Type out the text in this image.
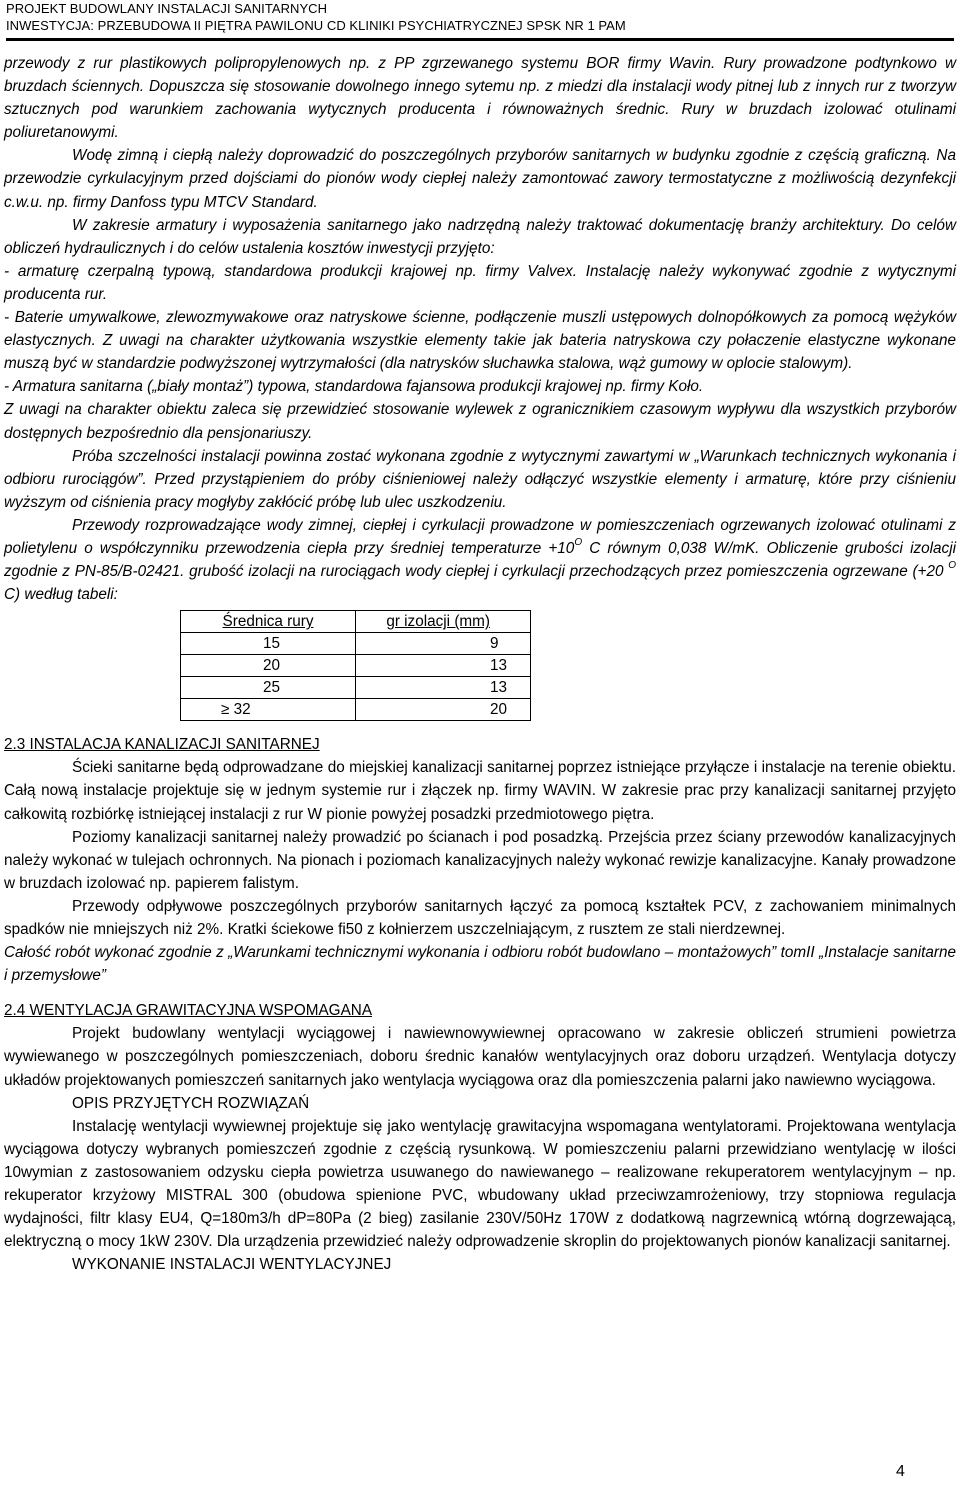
PROJEKT BUDOWLANY INSTALACJI SANITARNYCH
INWESTYCJA: PRZEBUDOWA II PIĘTRA PAWILONU CD KLINIKI PSYCHIATRYCZNEJ SPSK NR 1 PAM

przewody z rur plastikowych polipropylenowych np. z PP zgrzewanego systemu BOR firmy Wavin. Rury prowadzone podtynkowo w bruzdach ściennych. Dopuszcza się stosowanie dowolnego innego sytemu np. z miedzi dla instalacji wody pitnej lub z innych rur z tworzyw sztucznych pod warunkiem zachowania wytycznych producenta i równoważnych średnic. Rury w bruzdach izolować otulinami poliuretanowymi.

Wodę zimną i ciepłą należy doprowadzić do poszczególnych przyborów sanitarnych w budynku zgodnie z częścią graficzną. Na przewodzie cyrkulacyjnym przed dojściami do pionów wody ciepłej należy zamontować zawory termostatyczne z możliwością dezynfekcji c.w.u. np. firmy Danfoss typu MTCV Standard.

W zakresie armatury i wyposażenia sanitarnego jako nadrzędną należy traktować dokumentację branży architektury. Do celów obliczeń hydraulicznych i do celów ustalenia kosztów inwestycji przyjęto:

- armaturę czerpalną typową, standardowa produkcji krajowej np. firmy Valvex. Instalację należy wykonywać zgodnie z wytycznymi producenta rur.

- Baterie umywalkowe, zlewozmywakowe oraz natryskowe ścienne, podłączenie muszli ustępowych dolnopółkowych za pomocą wężyków elastycznych. Z uwagi na charakter użytkowania wszystkie elementy takie jak bateria natryskowa czy połaczenie elastyczne wykonane muszą być w standardzie podwyższonej wytrzymałości (dla natrysków słuchawka stalowa, wąż gumowy w oplocie stalowym).

- Armatura sanitarna („biały montaż”) typowa, standardowa fajansowa produkcji krajowej np. firmy Koło.

Z uwagi na charakter obiektu zaleca się przewidzieć stosowanie wylewek z ogranicznikiem czasowym wypływu dla wszystkich przyborów dostępnych bezpośrednio dla pensjonariuszy.

Próba szczelności instalacji powinna zostać wykonana zgodnie z wytycznymi zawartymi w „Warunkach technicznych wykonania i odbioru rurociągów”. Przed przystąpieniem do próby ciśnieniowej należy odłączyć wszystkie elementy i armaturę, które przy ciśnieniu wyższym od ciśnienia pracy mogłyby zakłócić próbę lub ulec uszkodzeniu.

Przewody rozprowadzające wody zimnej, ciepłej i cyrkulacji prowadzone w pomieszczeniach ogrzewanych izolować otulinami z polietylenu o współczynniku przewodzenia ciepła przy średniej temperaturze $+10^O$ C równym 0,038 W/mK. Obliczenie grubości izolacji zgodnie z PN-85/B-02421. grubość izolacji na rurociągach wody ciepłej i cyrkulacji przechodzących przez pomieszczenia ogrzewane (+20 $^O$ C) według tabeli:

Średnica rury	gr izolacji (mm)
15	9
20	13
25	13
≥ 32	20

2.3 INSTALACJA KANALIZACJI SANITARNEJ

Ścieki sanitarne będą odprowadzane do miejskiej kanalizacji sanitarnej poprzez istniejące przyłącze i instalacje na terenie obiektu. Całą nową instalacje projektuje się w jednym systemie rur i złączek np. firmy WAVIN. W zakresie prac przy kanalizacji sanitarnej przyjęto całkowitą rozbiórkę istniejącej instalacji z rur W pionie powyżej posadzki przedmiotowego piętra.

Poziomy kanalizacji sanitarnej należy prowadzić po ścianach i pod posadzką. Przejścia przez ściany przewodów kanalizacyjnych należy wykonać w tulejach ochronnych. Na pionach i poziomach kanalizacyjnych należy wykonać rewizje kanalizacyjne. Kanały prowadzone w bruzdach izolować np. papierem falistym.

Przewody odpływowe poszczególnych przyborów sanitarnych łączyć za pomocą kształtek PCV, z zachowaniem minimalnych spadków nie mniejszych niż 2%. Kratki ściekowe fi50 z kołnierzem uszczelniającym, z rusztem ze stali nierdzewnej.

Całość robót wykonać zgodnie z „Warunkami technicznymi wykonania i odbioru robót budowlano – montażowych” tomII „Instalacje sanitarne i przemysłowe”

2.4 WENTYLACJA GRAWITACYJNA WSPOMAGANA

Projekt budowlany wentylacji wyciągowej i nawiewnowywiewnej opracowano w zakresie obliczeń strumieni powietrza wywiewanego w poszczególnych pomieszczeniach, doboru średnic kanałów wentylacyjnych oraz doboru urządzeń. Wentylacja dotyczy układów projektowanych pomieszczeń sanitarnych jako wentylacja wyciągowa oraz dla pomieszczenia palarni jako nawiewno wyciągowa.

OPIS PRZYJĘTYCH ROZWIĄZAŃ

Instalację wentylacji wywiewnej projektuje się jako wentylację grawitacyjna wspomagana wentylatorami. Projektowana wentylacja wyciągowa dotyczy wybranych pomieszczeń zgodnie z częścią rysunkową. W pomieszczeniu palarni przewidziano wentylację w ilości 10wymian z zastosowaniem odzysku ciepła powietrza usuwanego do nawiewanego – realizowane rekuperatorem wentylacyjnym – np. rekuperator krzyżowy MISTRAL 300 (obudowa spienione PVC, wbudowany układ przeciwzamrożeniowy, trzy stopniowa regulacja wydajności, filtr klasy EU4, Q=180m3/h dP=80Pa (2 bieg) zasilanie 230V/50Hz 170W z dodatkową nagrzewnicą wtórną dogrzewającą, elektryczną o mocy 1kW 230V. Dla urządzenia przewidzieć należy odprowadzenie skroplin do projektowanych pionów kanalizacji sanitarnej.

WYKONANIE INSTALACJI WENTYLACYJNEJ

4
